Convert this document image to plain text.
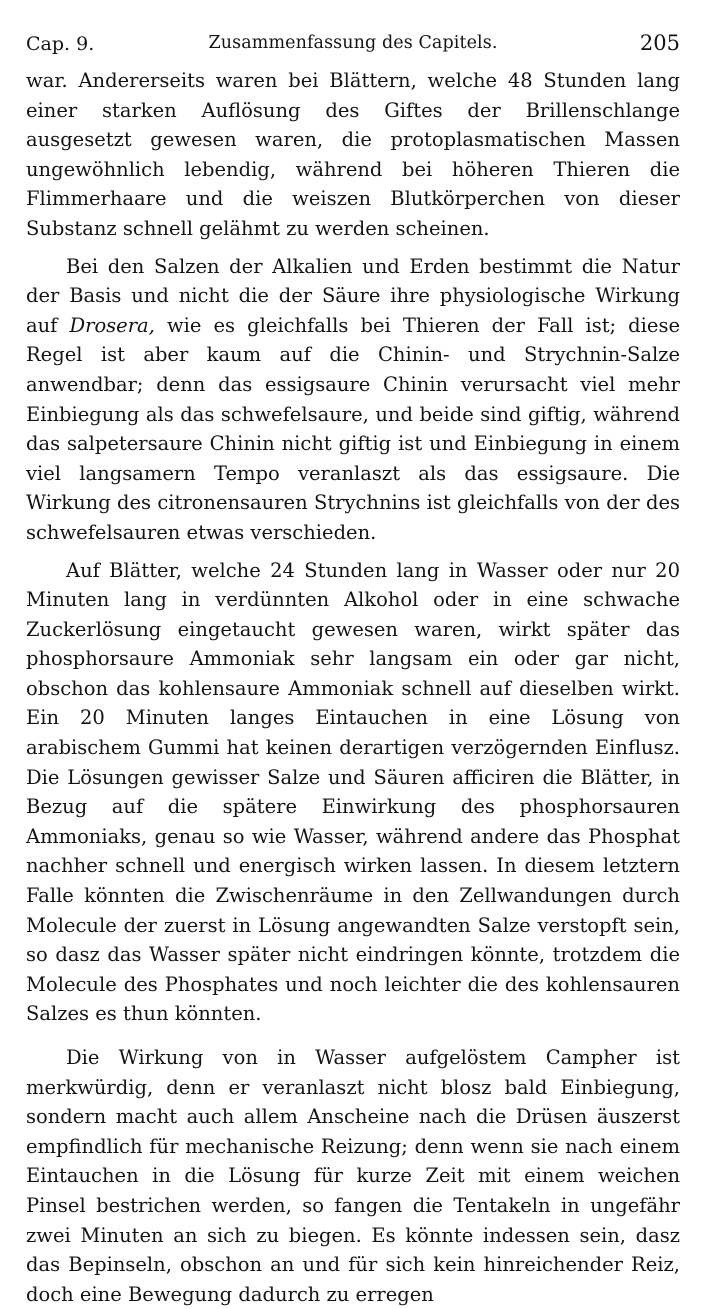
Cap. 9.	Zusammenfassung des Capitels.	205

war. Andererseits waren bei Blättern, welche 48 Stunden lang einer starken Auflösung des Giftes der Brillenschlange ausgesetzt gewesen waren, die protoplasmatischen Massen ungewöhnlich lebendig, während bei höheren Thieren die Flimmerhaare und die weiszen Blutkörperchen von dieser Substanz schnell gelähmt zu werden scheinen.

Bei den Salzen der Alkalien und Erden bestimmt die Natur der Basis und nicht die der Säure ihre physiologische Wirkung auf Drosera, wie es gleichfalls bei Thieren der Fall ist; diese Regel ist aber kaum auf die Chinin- und Strychnin-Salze anwendbar; denn das essigsaure Chinin verursacht viel mehr Einbiegung als das schwefelsaure, und beide sind giftig, während das salpetersaure Chinin nicht giftig ist und Einbiegung in einem viel langsamern Tempo veranlaszt als das essigsaure. Die Wirkung des citronensauren Strychnins ist gleichfalls von der des schwefelsauren etwas verschieden.

Auf Blätter, welche 24 Stunden lang in Wasser oder nur 20 Minuten lang in verdünnten Alkohol oder in eine schwache Zuckerlösung eingetaucht gewesen waren, wirkt später das phosphorsaure Ammoniak sehr langsam ein oder gar nicht, obschon das kohlensaure Ammoniak schnell auf dieselben wirkt. Ein 20 Minuten langes Eintauchen in eine Lösung von arabischem Gummi hat keinen derartigen verzögernden Einflusz. Die Lösungen gewisser Salze und Säuren afficiren die Blätter, in Bezug auf die spätere Einwirkung des phosphorsauren Ammoniaks, genau so wie Wasser, während andere das Phosphat nachher schnell und energisch wirken lassen. In diesem letztern Falle könnten die Zwischenräume in den Zellwandungen durch Molecule der zuerst in Lösung angewandten Salze verstopft sein, so dasz das Wasser später nicht eindringen könnte, trotzdem die Molecule des Phosphates und noch leichter die des kohlensauren Salzes es thun könnten.

Die Wirkung von in Wasser aufgelöstem Campher ist merkwürdig, denn er veranlaszt nicht blosz bald Einbiegung, sondern macht auch allem Anscheine nach die Drüsen äuszerst empfindlich für mechanische Reizung; denn wenn sie nach einem Eintauchen in die Lösung für kurze Zeit mit einem weichen Pinsel bestrichen werden, so fangen die Tentakeln in ungefähr zwei Minuten an sich zu biegen. Es könnte indessen sein, dasz das Bepinseln, obschon an und für sich kein hinreichender Reiz, doch eine Bewegung dadurch zu erregen
